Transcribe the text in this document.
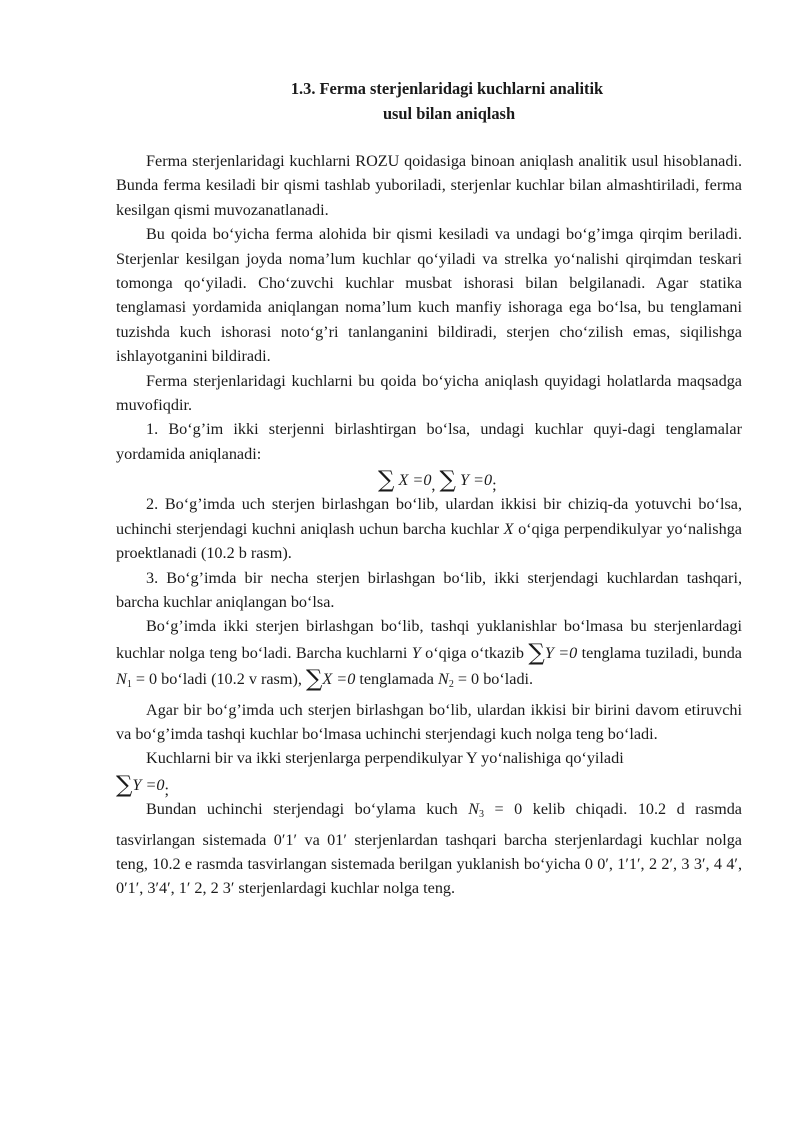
1.3. Ferma sterjenlaridagi kuchlarni analitik
usul bilan aniqlash

Ferma sterjenlaridagi kuchlarni ROZU qoidasiga binoan aniqlash analitik usul hisoblanadi. Bunda ferma kesiladi bir qismi tashlab yuboriladi, sterjenlar kuchlar bilan almashtiriladi, ferma kesilgan qismi muvozanatlanadi.

Bu qoida bo‘yicha ferma alohida bir qismi kesiladi va undagi bo‘g’imga qirqim beriladi. Sterjenlar kesilgan joyda noma’lum kuchlar qo‘yiladi va strelka yo‘nalishi qirqimdan teskari tomonga qo‘yiladi. Cho‘zuvchi kuchlar musbat ishorasi bilan belgilanadi. Agar statika tenglamasi yordamida aniqlangan noma’lum kuch manfiy ishoraga ega bo‘lsa, bu tenglamani tuzishda kuch ishorasi noto‘g’ri tanlanganini bildiradi, sterjen cho‘zilish emas, siqilishga ishlayotganini bildiradi.

Ferma sterjenlaridagi kuchlarni bu qoida bo‘yicha aniqlash quyidagi holatlarda maqsadga muvofiqdir.

1. Bo‘g’im ikki sterjenni birlashtirgan bo‘lsa, undagi kuchlar quyi-dagi tenglamalar yordamida aniqlanadi:

∑ X =0, ∑ Y =0;

2. Bo‘g’imda uch sterjen birlashgan bo‘lib, ulardan ikkisi bir chiziq-da yotuvchi bo‘lsa, uchinchi sterjendagi kuchni aniqlash uchun barcha kuchlar X o‘qiga perpendikulyar yo‘nalishga proektlanadi (10.2 b rasm).

3. Bo‘g’imda bir necha sterjen birlashgan bo‘lib, ikki sterjendagi kuchlardan tashqari, barcha kuchlar aniqlangan bo‘lsa.

Bo‘g’imda ikki sterjen birlashgan bo‘lib, tashqi yuklanishlar bo‘lmasa bu sterjenlardagi kuchlar nolga teng bo‘ladi. Barcha kuchlarni Y o‘qiga o‘tkazib ∑Y =0 tenglama tuziladi, bunda $N_1 = 0$ bo‘ladi (10.2 v rasm), ∑X =0 tenglamada $N_2 = 0$ bo‘ladi.

Agar bir bo‘g’imda uch sterjen birlashgan bo‘lib, ulardan ikkisi bir birini davom etiruvchi va bo‘g’imda tashqi kuchlar bo‘lmasa uchinchi sterjendagi kuch nolga teng bo‘ladi.

Kuchlarni bir va ikki sterjenlarga perpendikulyar Y yo‘nalishiga qo‘yiladi

∑Y =0;

Bundan uchinchi sterjendagi bo‘ylama kuch $N_3 = 0$ kelib chiqadi. 10.2 d rasmda tasvirlangan sistemada 0′1′ va 01′ sterjenlardan tashqari barcha sterjenlardagi kuchlar nolga teng, 10.2 e rasmda tasvirlangan sistemada berilgan yuklanish bo‘yicha 0 0′, 1′1′, 2 2′, 3 3′, 4 4′, 0′1′, 3′4′, 1′ 2, 2 3′ sterjenlardagi kuchlar nolga teng.
